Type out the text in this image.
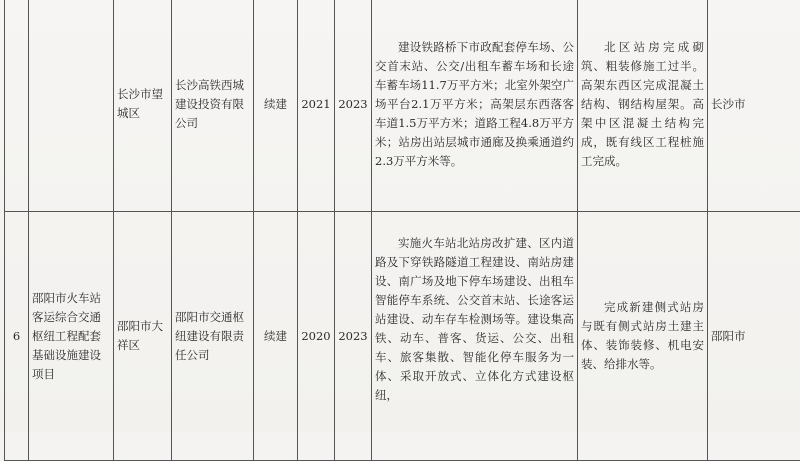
		长沙市望城区	长沙高铁西城建设投资有限公司	续建	2021	2023	建设铁路桥下市政配套停车场、公交首末站、公交/出租车蓄车场和长途车蓄车场11.7万平方米；北室外架空广场平台2.1万平方米；高架层东西落客车道1.5万平方米；道路工程4.8万平方米；站房出站层城市通廊及换乘通道约2.3万平方米等。	北区站房完成砌筑、粗装修施工过半。高架东西区完成混凝土结构、钢结构屋架。高架中区混凝土结构完成，既有线区工程桩施工完成。	长沙市
6	邵阳市火车站客运综合交通枢纽工程配套基础设施建设项目	邵阳市大祥区	邵阳市交通枢纽建设有限责任公司	续建	2020	2023	实施火车站北站房改扩建、区内道路及下穿铁路隧道工程建设、南站房建设、南广场及地下停车场建设、出租车智能停车系统、公交首末站、长途客运站建设、动车存车检测场等。建设集高铁、动车、普客、货运、公交、出租车、旅客集散、智能化停车服务为一体、采取开放式、立体化方式建设枢纽，	完成新建侧式站房与既有侧式站房土建主体、装饰装修、机电安装、给排水等。	邵阳市
